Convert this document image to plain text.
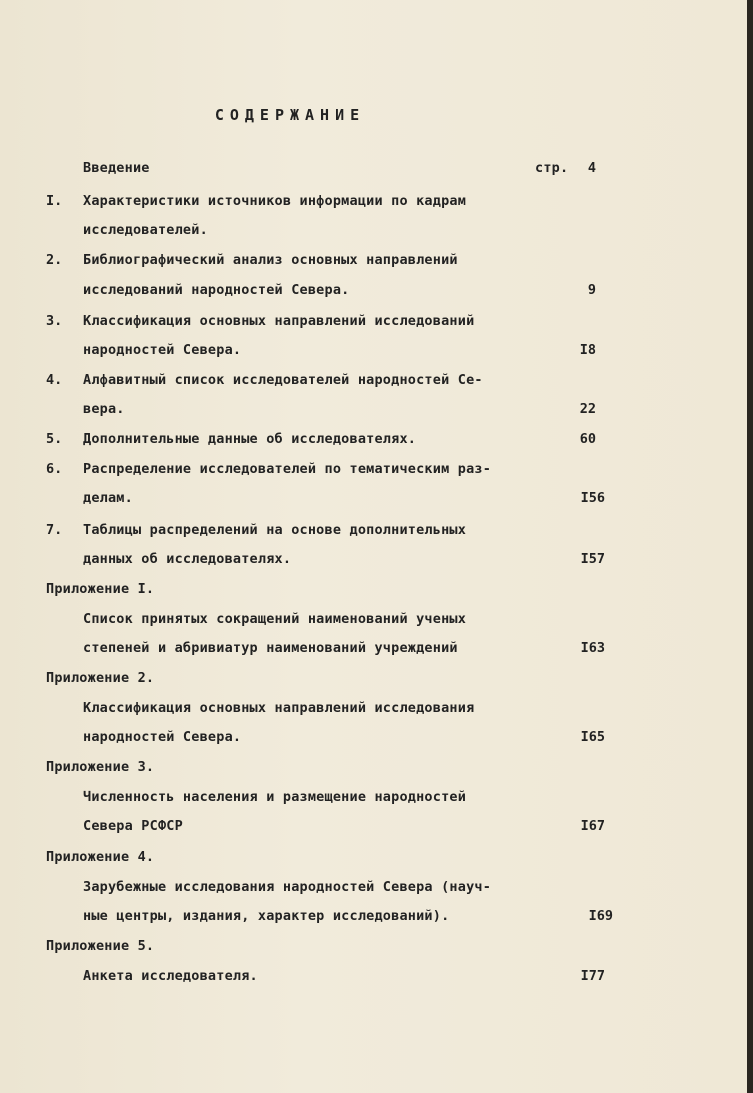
СОДЕРЖАНИЕ
Введение	стр.	4
I. Характеристики источников информации по кадрам
исследователей.
2. Библиографический анализ основных направлений
исследований народностей Севера.	9
3. Классификация основных направлений исследований
народностей Севера.	I8
4. Алфавитный список исследователей народностей Се-
вера.	22
5. Дополнительные данные об исследователях.	60
6. Распределение исследователей по тематическим раз-
делам.	I56
7. Таблицы распределений на основе дополнительных
данных об исследователях.	I57
Приложение I.
Список принятых сокращений наименований ученых
степеней и абривиатур наименований учреждений	I63
Приложение 2.
Классификация основных направлений исследования
народностей Севера.	I65
Приложение 3.
Численность населения и размещение народностей
Севера РСФСР	I67
Приложение 4.
Зарубежные исследования народностей Севера (науч-
ные центры, издания, характер исследований).	I69
Приложение 5.
Анкета исследователя.	I77
